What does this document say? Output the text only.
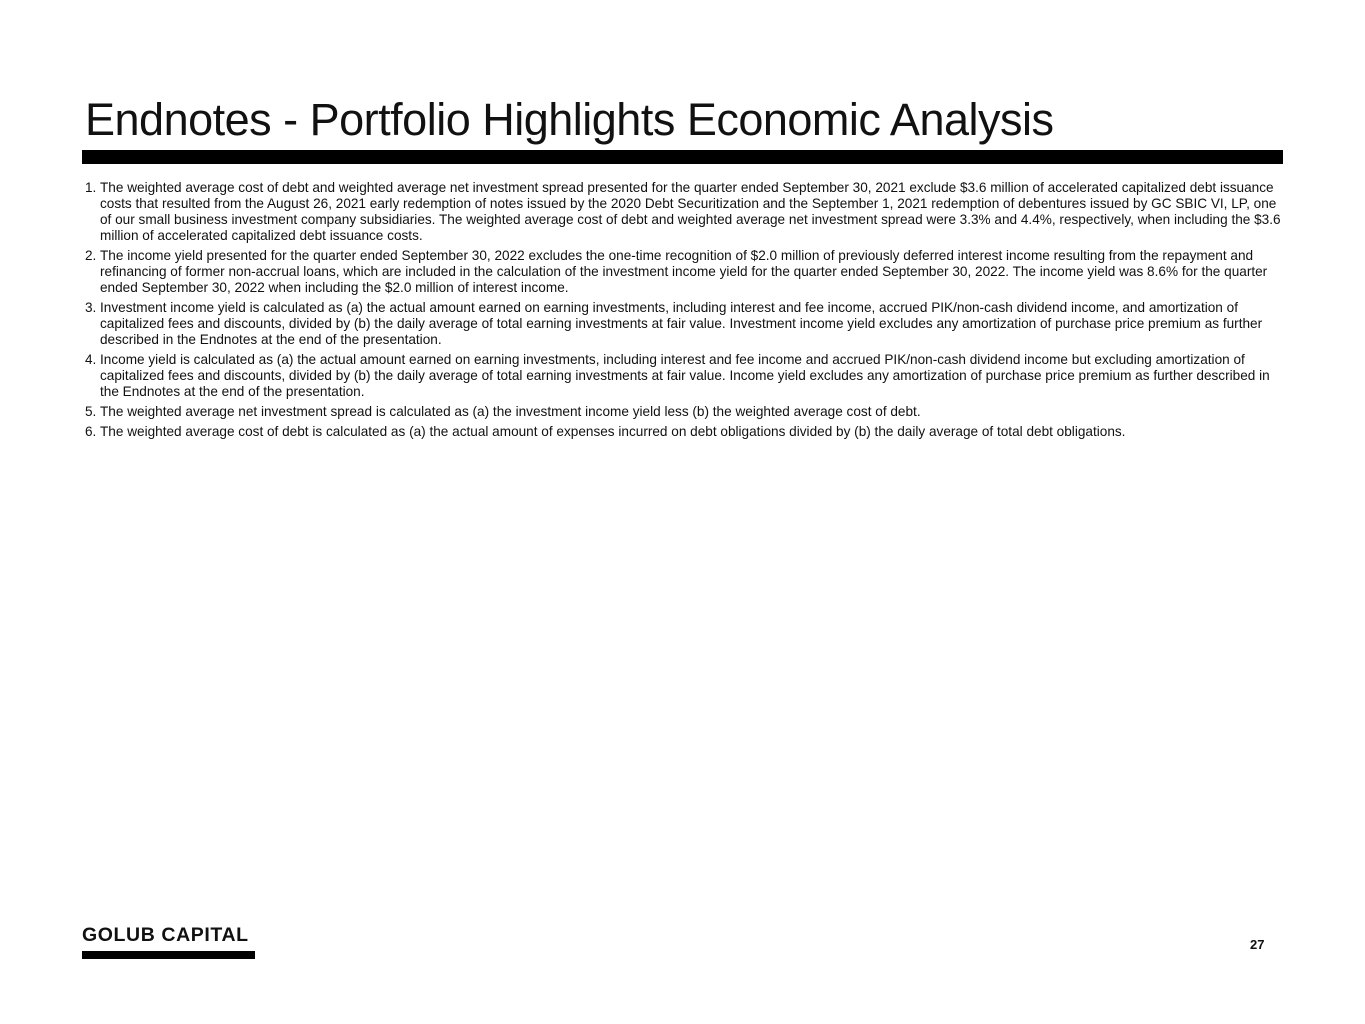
Endnotes - Portfolio Highlights Economic Analysis
1. The weighted average cost of debt and weighted average net investment spread presented for the quarter ended September 30, 2021 exclude $3.6 million of accelerated capitalized debt issuance costs that resulted from the August 26, 2021 early redemption of notes issued by the 2020 Debt Securitization and the September 1, 2021 redemption of debentures issued by GC SBIC VI, LP, one of our small business investment company subsidiaries. The weighted average cost of debt and weighted average net investment spread were 3.3% and 4.4%, respectively, when including the $3.6 million of accelerated capitalized debt issuance costs.
2. The income yield presented for the quarter ended September 30, 2022 excludes the one-time recognition of $2.0 million of previously deferred interest income resulting from the repayment and refinancing of former non-accrual loans, which are included in the calculation of the investment income yield for the quarter ended September 30, 2022. The income yield was 8.6% for the quarter ended September 30, 2022 when including the $2.0 million of interest income.
3. Investment income yield is calculated as (a) the actual amount earned on earning investments, including interest and fee income, accrued PIK/non-cash dividend income, and amortization of capitalized fees and discounts, divided by (b) the daily average of total earning investments at fair value. Investment income yield excludes any amortization of purchase price premium as further described in the Endnotes at the end of the presentation.
4. Income yield is calculated as (a) the actual amount earned on earning investments, including interest and fee income and accrued PIK/non-cash dividend income but excluding amortization of capitalized fees and discounts, divided by (b) the daily average of total earning investments at fair value. Income yield excludes any amortization of purchase price premium as further described in the Endnotes at the end of the presentation.
5. The weighted average net investment spread is calculated as (a) the investment income yield less (b) the weighted average cost of debt.
6. The weighted average cost of debt is calculated as (a) the actual amount of expenses incurred on debt obligations divided by (b) the daily average of total debt obligations.
GOLUB CAPITAL	27
